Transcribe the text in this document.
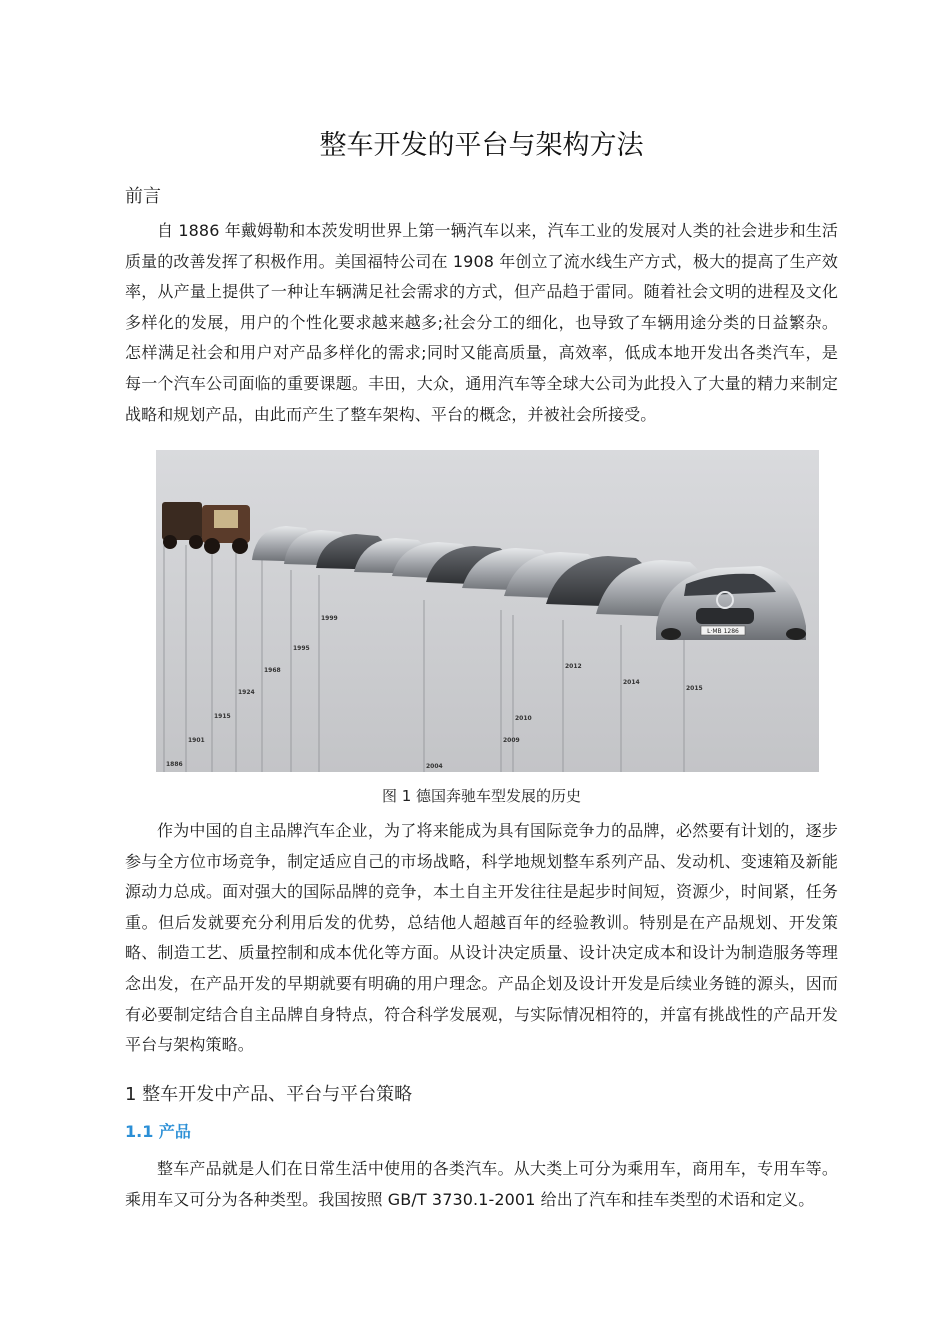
整车开发的平台与架构方法
前言

自 1886 年戴姆勒和本茨发明世界上第一辆汽车以来，汽车工业的发展对人类的社会进步和生活质量的改善发挥了积极作用。美国福特公司在 1908 年创立了流水线生产方式，极大的提高了生产效率，从产量上提供了一种让车辆满足社会需求的方式，但产品趋于雷同。随着社会文明的进程及文化多样化的发展，用户的个性化要求越来越多;社会分工的细化，也导致了车辆用途分类的日益繁杂。怎样满足社会和用户对产品多样化的需求;同时又能高质量，高效率，低成本地开发出各类汽车，是每一个汽车公司面临的重要课题。丰田，大众，通用汽车等全球大公司为此投入了大量的精力来制定战略和规划产品，由此而产生了整车架构、平台的概念，并被社会所接受。

L·MB 1286
1886
1901
1915
1924
1968
1995
1999
2004
2009
2010
2012
2014
2015
图 1 德国奔驰车型发展的历史

作为中国的自主品牌汽车企业，为了将来能成为具有国际竞争力的品牌，必然要有计划的，逐步参与全方位市场竞争，制定适应自己的市场战略，科学地规划整车系列产品、发动机、变速箱及新能源动力总成。面对强大的国际品牌的竞争，本土自主开发往往是起步时间短，资源少，时间紧，任务重。但后发就要充分利用后发的优势，总结他人超越百年的经验教训。特别是在产品规划、开发策略、制造工艺、质量控制和成本优化等方面。从设计决定质量、设计决定成本和设计为制造服务等理念出发，在产品开发的早期就要有明确的用户理念。产品企划及设计开发是后续业务链的源头，因而有必要制定结合自主品牌自身特点，符合科学发展观，与实际情况相符的，并富有挑战性的产品开发平台与架构策略。

1 整车开发中产品、平台与平台策略
1.1 产品

整车产品就是人们在日常生活中使用的各类汽车。从大类上可分为乘用车，商用车，专用车等。乘用车又可分为各种类型。我国按照 GB/T 3730.1-2001 给出了汽车和挂车类型的术语和定义。
